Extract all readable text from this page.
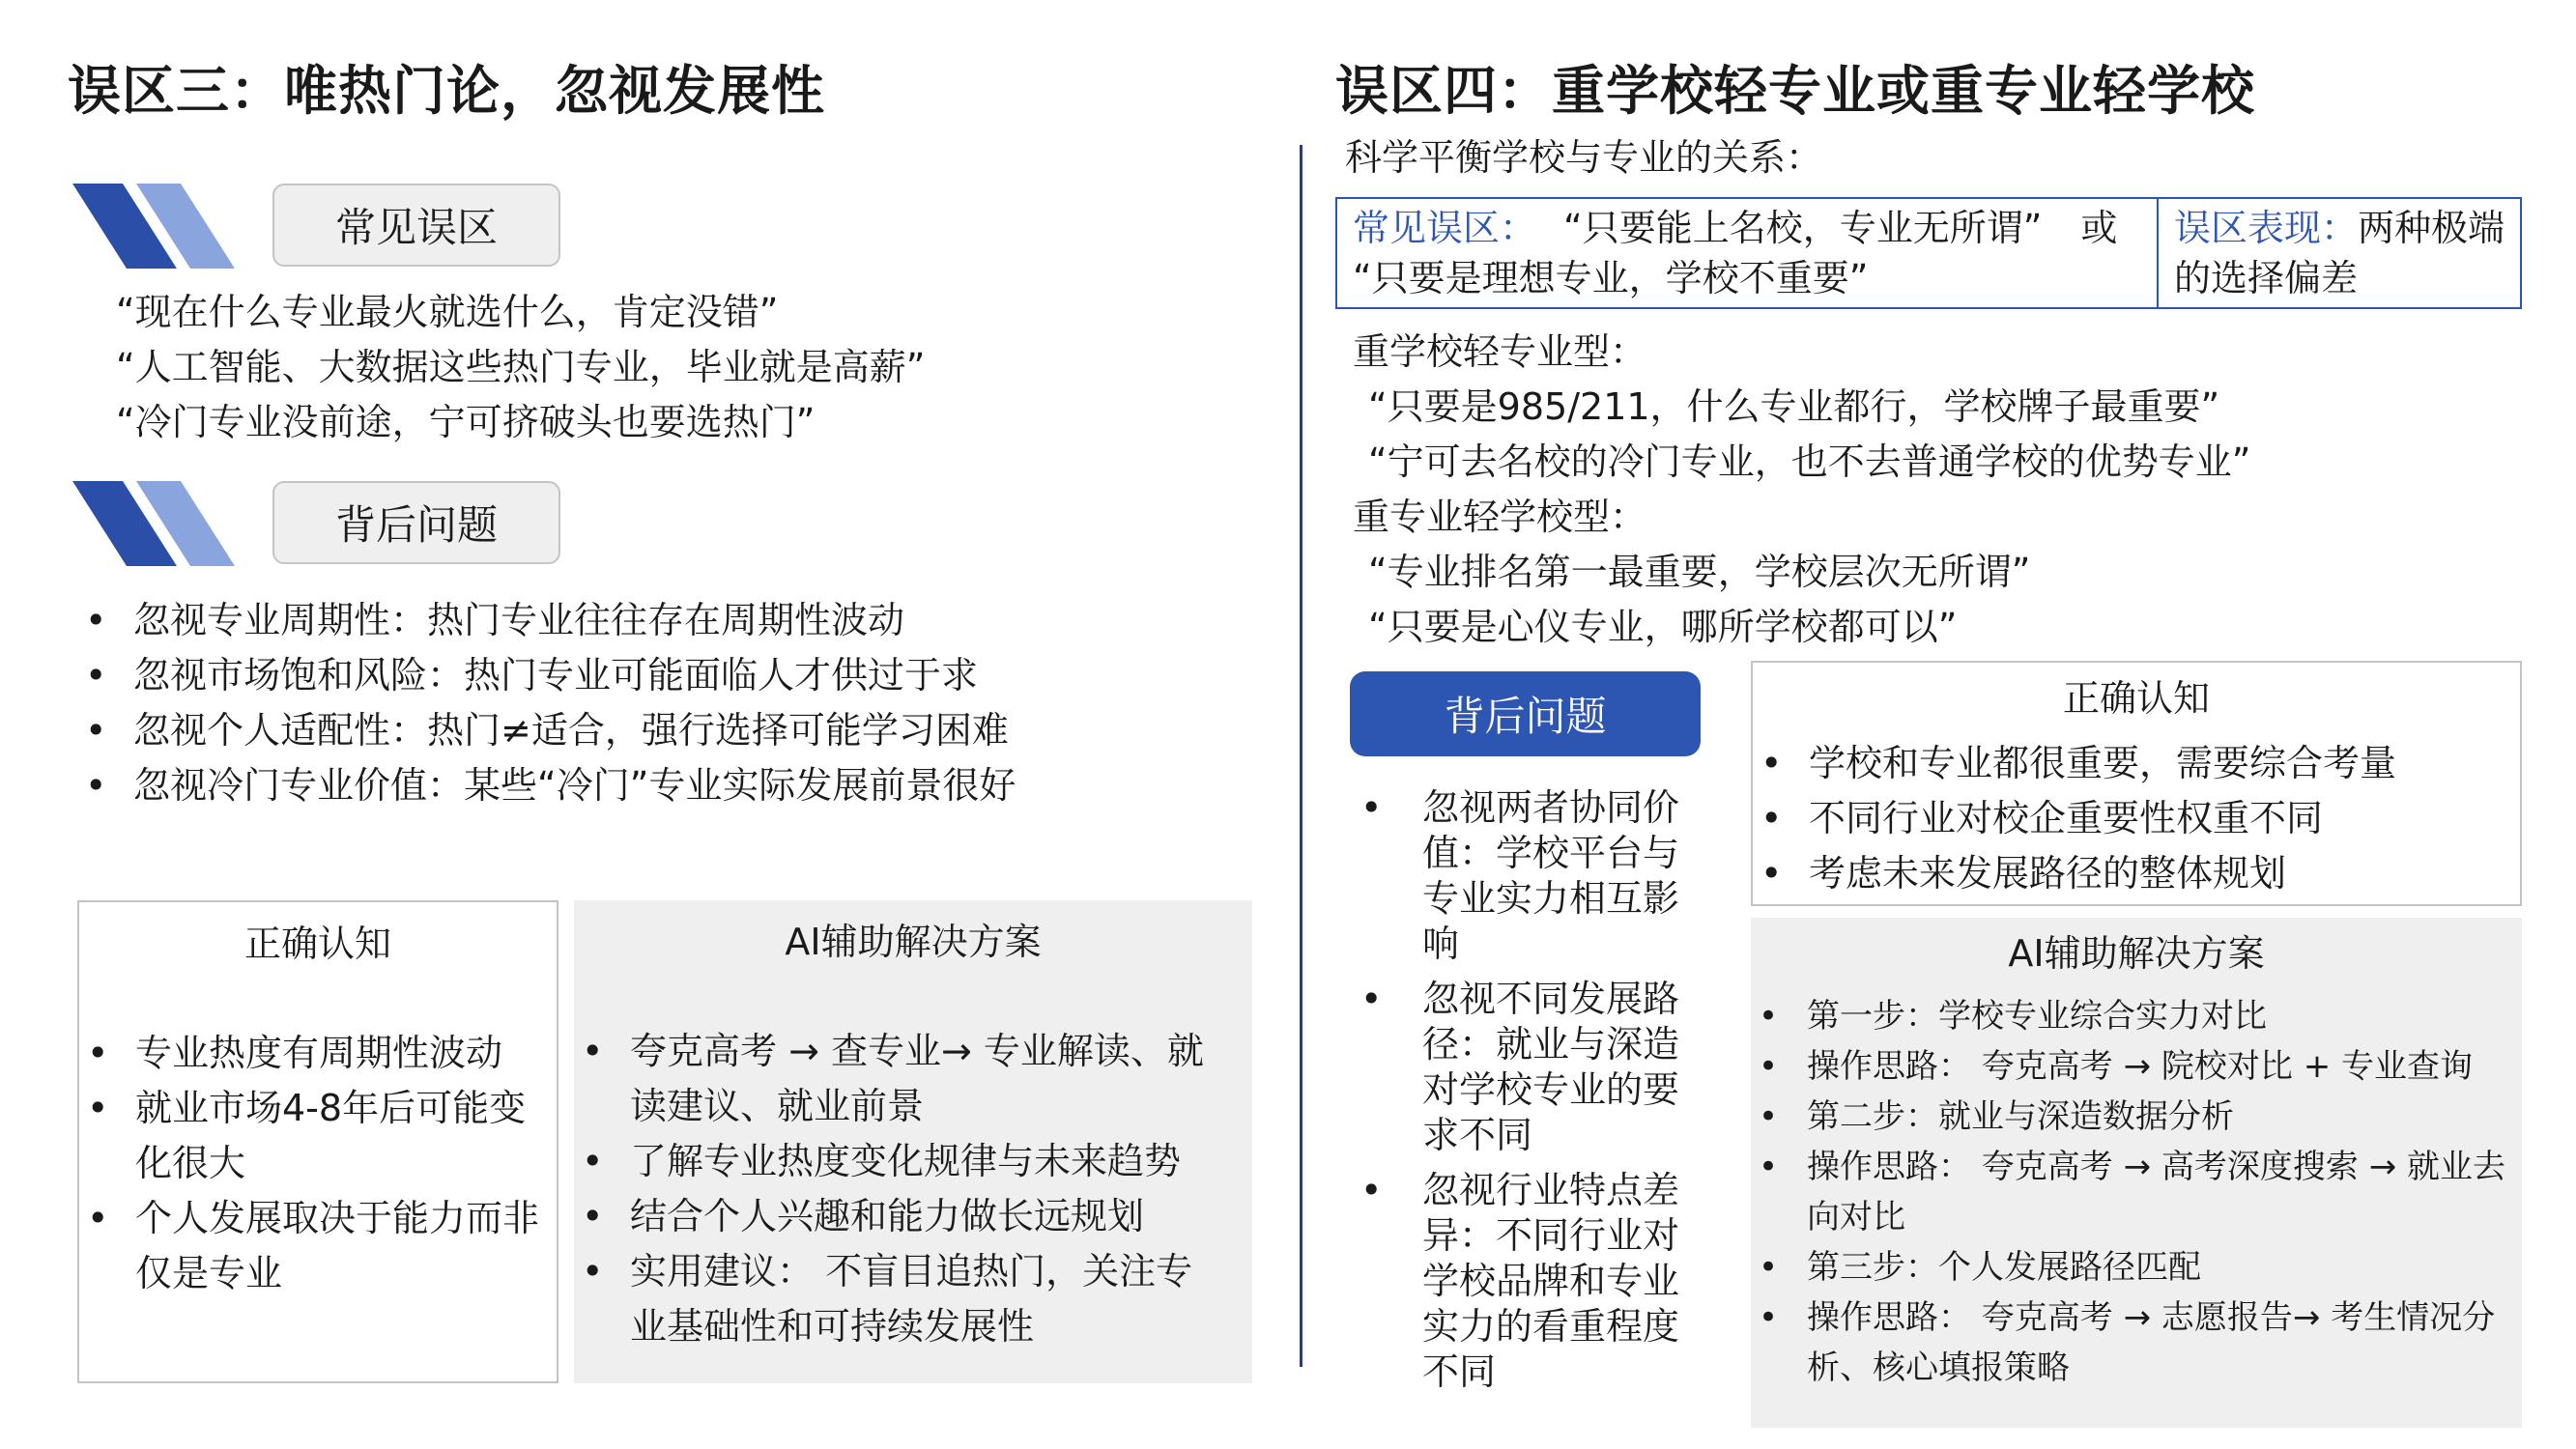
误区三：唯热门论，忽视发展性
常见误区
“现在什么专业最火就选什么，肯定没错”
“人工智能、大数据这些热门专业，毕业就是高薪”
“冷门专业没前途，宁可挤破头也要选热门”
背后问题
• 忽视专业周期性：热门专业往往存在周期性波动
• 忽视市场饱和风险：热门专业可能面临人才供过于求
• 忽视个人适配性：热门≠适合，强行选择可能学习困难
• 忽视冷门专业价值：某些“冷门”专业实际发展前景很好
正确认知
• 专业热度有周期性波动
• 就业市场4-8年后可能变化很大
• 个人发展取决于能力而非仅是专业
AI辅助解决方案
• 夸克高考 → 查专业→ 专业解读、就读建议、就业前景
• 了解专业热度变化规律与未来趋势
• 结合个人兴趣和能力做长远规划
• 实用建议： 不盲目追热门，关注专业基础性和可持续发展性
误区四：重学校轻专业或重专业轻学校
科学平衡学校与专业的关系：
常见误区： “只要能上名校，专业无所谓” 或
“只要是理想专业，学校不重要”
误区表现：两种极端
的选择偏差
重学校轻专业型：
“只要是985/211，什么专业都行，学校牌子最重要”
“宁可去名校的冷门专业，也不去普通学校的优势专业”
重专业轻学校型：
“专业排名第一最重要，学校层次无所谓”
“只要是心仪专业，哪所学校都可以”
背后问题
• 忽视两者协同价值：学校平台与专业实力相互影响
• 忽视不同发展路径：就业与深造对学校专业的要求不同
• 忽视行业特点差异：不同行业对学校品牌和专业实力的看重程度不同
正确认知
• 学校和专业都很重要，需要综合考量
• 不同行业对校企重要性权重不同
• 考虑未来发展路径的整体规划
AI辅助解决方案
• 第一步：学校专业综合实力对比
• 操作思路： 夸克高考 → 院校对比 + 专业查询
• 第二步：就业与深造数据分析
• 操作思路： 夸克高考 → 高考深度搜索 → 就业去向对比
• 第三步：个人发展路径匹配
• 操作思路： 夸克高考 → 志愿报告→ 考生情况分析、核心填报策略
